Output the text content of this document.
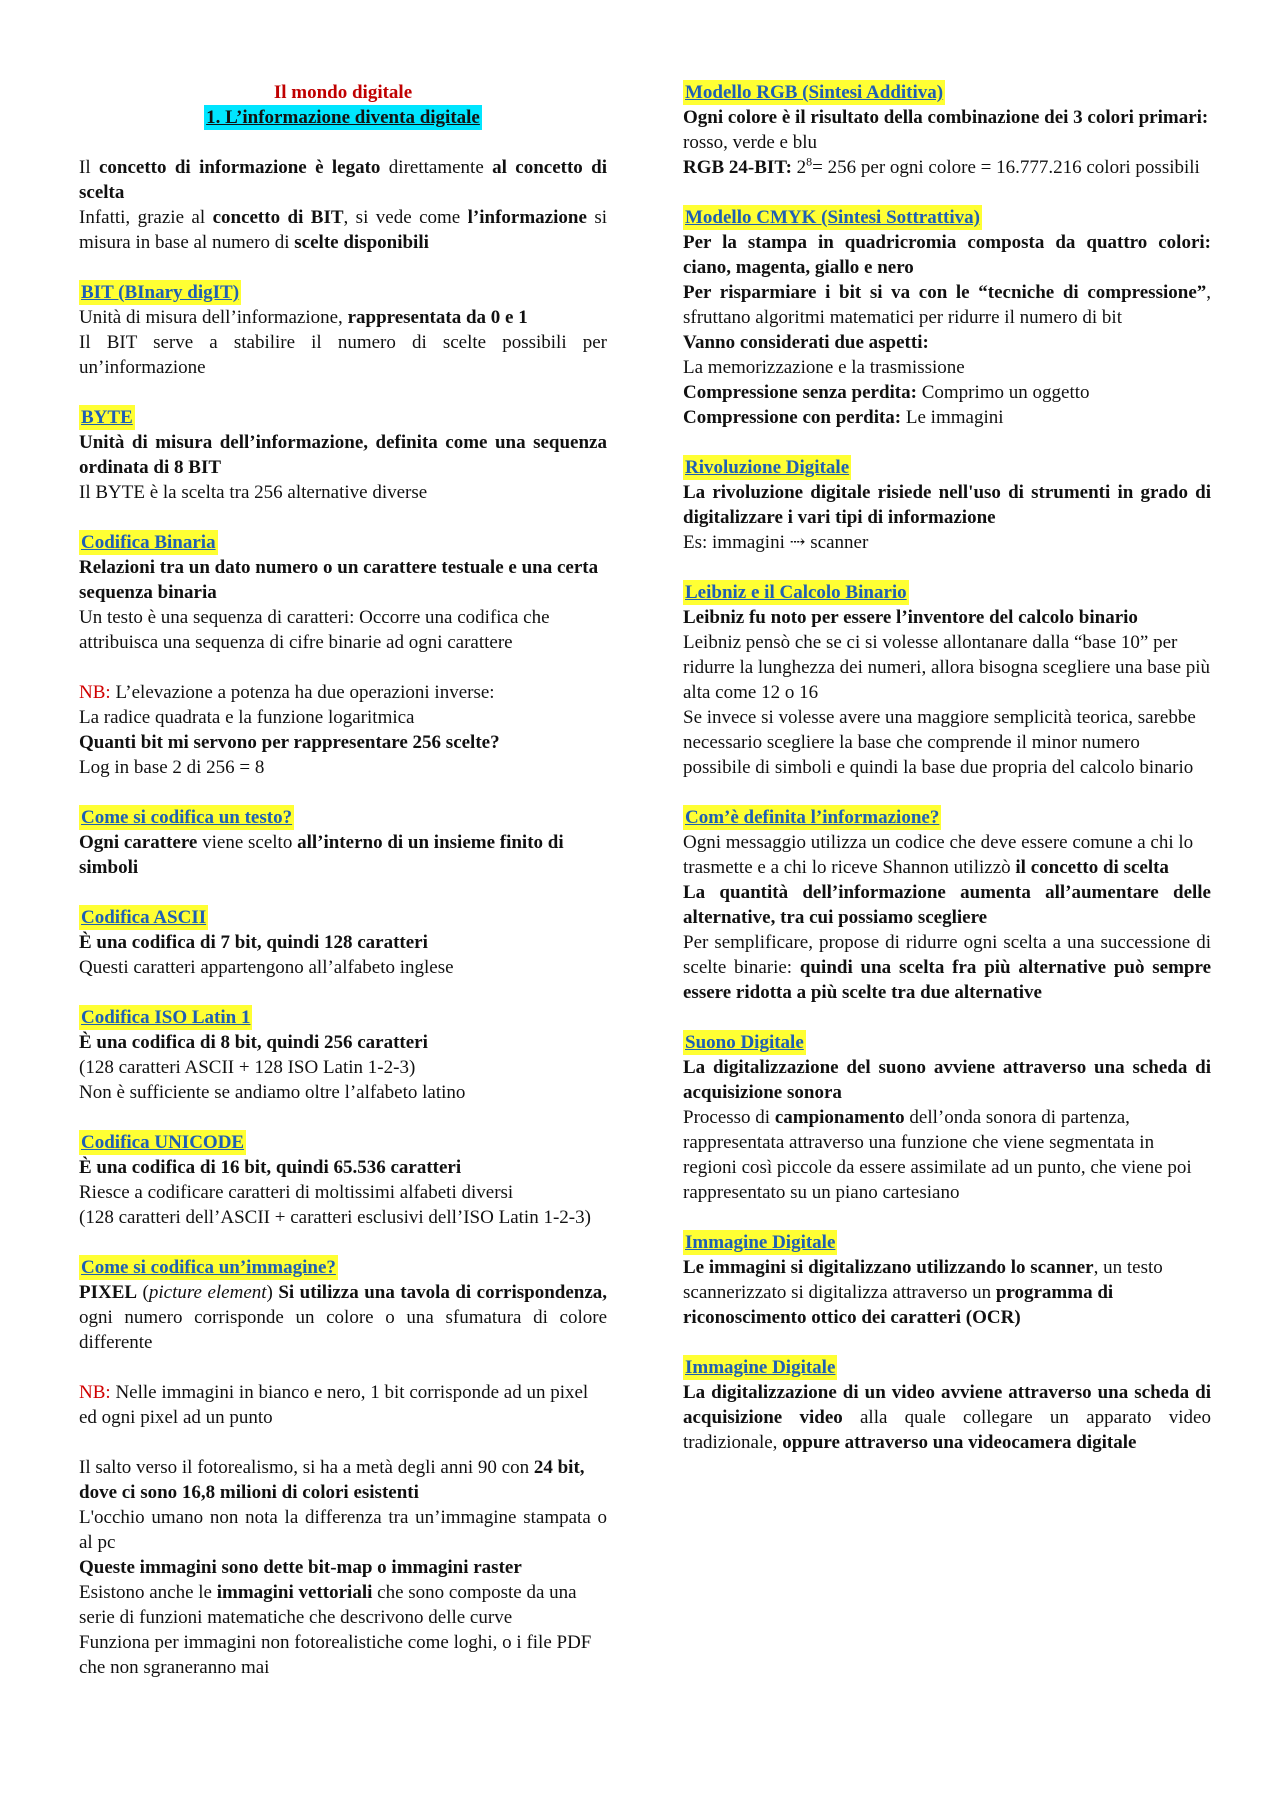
Il mondo digitale
1. L’informazione diventa digitale
Il concetto di informazione è legato direttamente al concetto di scelta
Infatti, grazie al concetto di BIT, si vede come l’informazione si misura in base al numero di scelte disponibili
BIT (BInary digIT)
Unità di misura dell’informazione, rappresentata da 0 e 1
Il BIT serve a stabilire il numero di scelte possibili per un’informazione
BYTE
Unità di misura dell’informazione, definita come una sequenza ordinata di 8 BIT
Il BYTE è la scelta tra 256 alternative diverse
Codifica Binaria
Relazioni tra un dato numero o un carattere testuale e una certa sequenza binaria
Un testo è una sequenza di caratteri: Occorre una codifica che attribuisca una sequenza di cifre binarie ad ogni carattere
NB: L’elevazione a potenza ha due operazioni inverse:
La radice quadrata e la funzione logaritmica
Quanti bit mi servono per rappresentare 256 scelte?
Log in base 2 di 256 = 8
Come si codifica un testo?
Ogni carattere viene scelto all’interno di un insieme finito di simboli
Codifica ASCII
È una codifica di 7 bit, quindi 128 caratteri
Questi caratteri appartengono all’alfabeto inglese
Codifica ISO Latin 1
È una codifica di 8 bit, quindi 256 caratteri
(128 caratteri ASCII + 128 ISO Latin 1-2-3)
Non è sufficiente se andiamo oltre l’alfabeto latino
Codifica UNICODE
È una codifica di 16 bit, quindi 65.536 caratteri
Riesce a codificare caratteri di moltissimi alfabeti diversi
(128 caratteri dell’ASCII + caratteri esclusivi dell’ISO Latin 1-2-3)
Come si codifica un’immagine?
PIXEL (picture element) Si utilizza una tavola di corrispondenza, ogni numero corrisponde un colore o una sfumatura di colore differente
NB: Nelle immagini in bianco e nero, 1 bit corrisponde ad un pixel ed ogni pixel ad un punto
Il salto verso il fotorealismo, si ha a metà degli anni 90 con 24 bit, dove ci sono 16,8 milioni di colori esistenti
L'occhio umano non nota la differenza tra un’immagine stampata o al pc
Queste immagini sono dette bit-map o immagini raster
Esistono anche le immagini vettoriali che sono composte da una serie di funzioni matematiche che descrivono delle curve
Funziona per immagini non fotorealistiche come loghi, o i file PDF che non sgraneranno mai
Modello RGB (Sintesi Additiva)
Ogni colore è il risultato della combinazione dei 3 colori primari: rosso, verde e blu
RGB 24-BIT: $2^8= 256$ per ogni colore = 16.777.216 colori possibili
Modello CMYK (Sintesi Sottrattiva)
Per la stampa in quadricromia composta da quattro colori: ciano, magenta, giallo e nero
Per risparmiare i bit si va con le “tecniche di compressione”, sfruttano algoritmi matematici per ridurre il numero di bit
Vanno considerati due aspetti:
La memorizzazione e la trasmissione
Compressione senza perdita: Comprimo un oggetto
Compressione con perdita: Le immagini
Rivoluzione Digitale
La rivoluzione digitale risiede nell'uso di strumenti in grado di digitalizzare i vari tipi di informazione
Es: immagini ⇢ scanner
Leibniz e il Calcolo Binario
Leibniz fu noto per essere l’inventore del calcolo binario
Leibniz pensò che se ci si volesse allontanare dalla “base 10” per ridurre la lunghezza dei numeri, allora bisogna scegliere una base più alta come 12 o 16
Se invece si volesse avere una maggiore semplicità teorica, sarebbe necessario scegliere la base che comprende il minor numero possibile di simboli e quindi la base due propria del calcolo binario
Com’è definita l’informazione?
Ogni messaggio utilizza un codice che deve essere comune a chi lo trasmette e a chi lo riceve Shannon utilizzò il concetto di scelta
La quantità dell’informazione aumenta all’aumentare delle alternative, tra cui possiamo scegliere
Per semplificare, propose di ridurre ogni scelta a una successione di scelte binarie: quindi una scelta fra più alternative può sempre essere ridotta a più scelte tra due alternative
Suono Digitale
La digitalizzazione del suono avviene attraverso una scheda di acquisizione sonora
Processo di campionamento dell’onda sonora di partenza, rappresentata attraverso una funzione che viene segmentata in regioni così piccole da essere assimilate ad un punto, che viene poi rappresentato su un piano cartesiano
Immagine Digitale
Le immagini si digitalizzano utilizzando lo scanner, un testo scannerizzato si digitalizza attraverso un programma di riconoscimento ottico dei caratteri (OCR)
Immagine Digitale
La digitalizzazione di un video avviene attraverso una scheda di acquisizione video alla quale collegare un apparato video tradizionale, oppure attraverso una videocamera digitale
